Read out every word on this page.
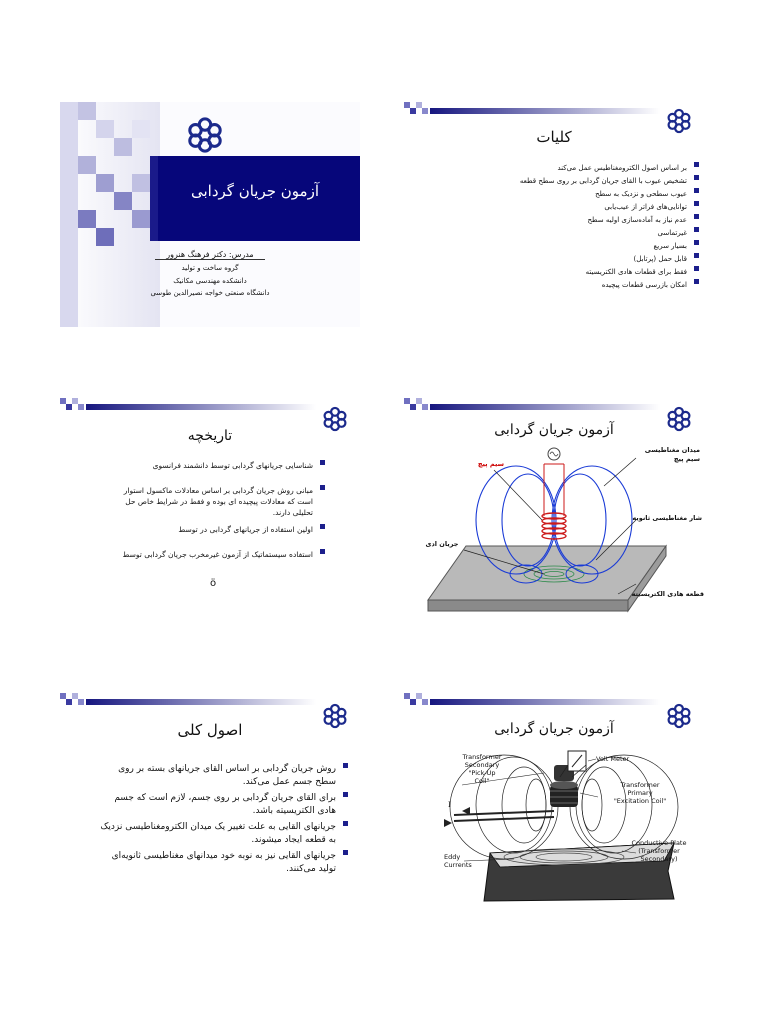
آزمون جریان گردابی
مدرس: دکتر فرهنگ هنرور
گروه ساخت و تولید
دانشکده مهندسی مکانیک
دانشگاه صنعتی خواجه نصیرالدین طوسی
کلیات
بر اساس اصول الکترومغناطیس عمل می‌کند
تشخیص عیوب با القای جریان گردابی بر روی سطح قطعه
عیوب سطحی و نزدیک به سطح
توانایی‌های فراتر از عیب‌یابی
عدم نیاز به آماده‌سازی اولیه سطح
غیرتماسی
بسیار سریع
قابل حمل (پرتابل)
فقط برای قطعات هادی الکتریسیته
امکان بازرسی قطعات پیچیده
تاریخچه
شناسایی جریانهای گردابی توسط دانشمند فرانسوی
مبانی روش جریان گردابی بر اساس معادلات ماکسول استوار است که معادلات پیچیده ای بوده و فقط در شرایط خاص حل تحلیلی دارند.
اولین استفاده از جریانهای گردابی در توسط
استفاده سیستماتیک از آزمون غیرمخرب جریان گردابی توسط
ö
آزمون جریان گردابی
میدان مغناطیسی
سیم پیچ
سیم پیچ
شار مغناطیسی ثانویه
جریان ادی
قطعه هادی الکتریسیته
اصول کلی
روش جریان گردابی بر اساس القای جریانهای بسته بر روی سطح جسم عمل می‌کند.
برای القای جریان گردابی بر روی جسم، لازم است که جسم هادی الکتریسیته باشد.
جریانهای القایی به علت تغییر یک میدان الکترومغناطیسی نزدیک به قطعه ایجاد میشوند.
جریانهای القایی نیز به نوبه خود میدانهای مغناطیسی ثانویه‌ای تولید می‌کنند.
آزمون جریان گردابی
Transformer
Secondary
"Pick-Up
Coil"
Volt Meter
Transformer
Primary
"Excitation Coil"
I
Eddy
Currents
Conductive Plate
(Transformer
Secondary)
